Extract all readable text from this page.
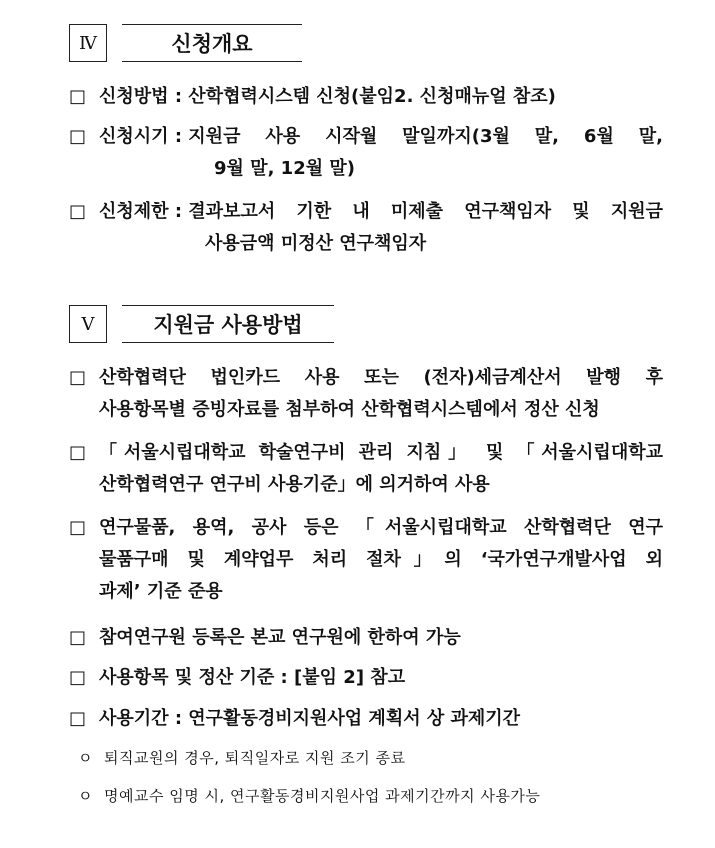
Ⅳ	신청개요
□ 신청방법 : 산학협력시스템 신청(붙임2. 신청매뉴얼 참조)
□ 신청시기 : 지원금 사용 시작월 말일까지(3월 말, 6월 말,
9월 말, 12월 말)
□ 신청제한 : 결과보고서 기한 내 미제출 연구책임자 및 지원금
사용금액 미정산 연구책임자
Ⅴ	지원금 사용방법
□ 산학협력단 법인카드 사용 또는 (전자)세금계산서 발행 후
사용항목별 증빙자료를 첨부하여 산학협력시스템에서 정산 신청
□ 「서울시립대학교 학술연구비 관리 지침」 및 「서울시립대학교
산학협력연구 연구비 사용기준」에 의거하여 사용
□ 연구물품, 용역, 공사 등은 「서울시립대학교 산학협력단 연구
물품구매 및 계약업무 처리 절차」의 ‘국가연구개발사업 외
과제’ 기준 준용
□ 참여연구원 등록은 본교 연구원에 한하여 가능
□ 사용항목 및 정산 기준 : [붙임 2] 참고
□ 사용기간 : 연구활동경비지원사업 계획서 상 과제기간
ㅇ 퇴직교원의 경우, 퇴직일자로 지원 조기 종료
ㅇ 명예교수 임명 시, 연구활동경비지원사업 과제기간까지 사용가능
